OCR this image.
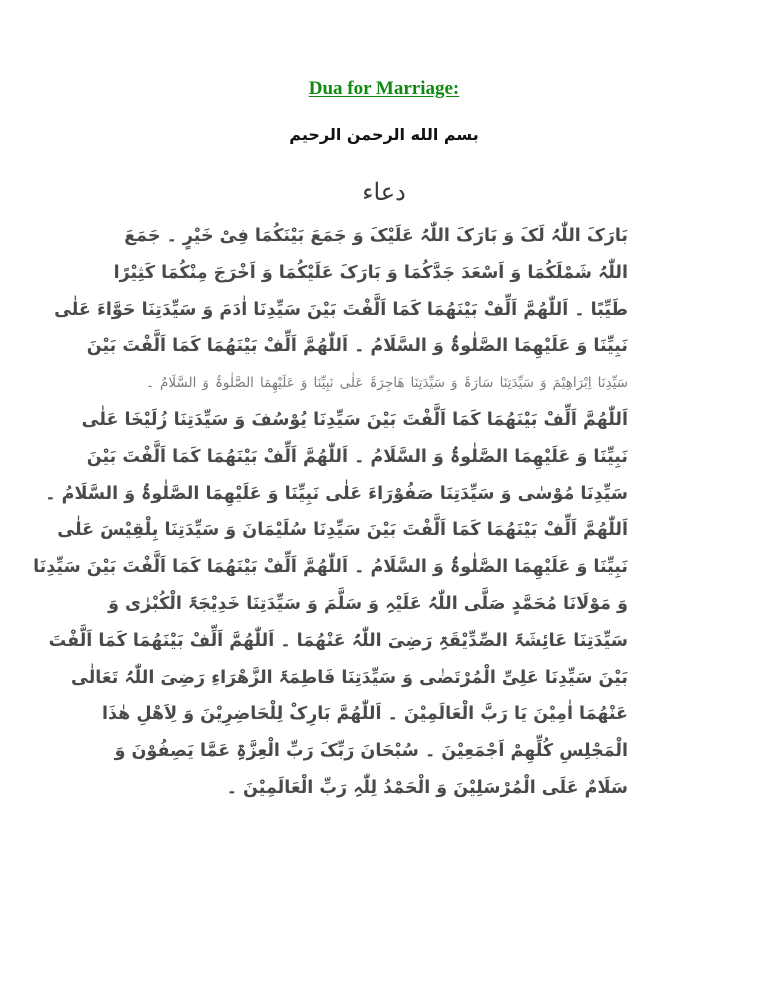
Dua for Marriage:
بسم الله الرحمن الرحيم
دعاء
بَارَکَ اللّٰہُ لَکَ وَ بَارَکَ اللّٰہُ عَلَیْکَ وَ جَمَعَ بَیْنَکُمَا فِیْ خَیْرٍ ۔ جَمَعَ
اللّٰہُ شَمْلَکُمَا وَ اَسْعَدَ جَدَّکُمَا وَ بَارَکَ عَلَیْکُمَا وَ اَخْرَجَ مِنْکُمَا کَثِیْرًا
طَیِّبًا ۔ اَللّٰھُمَّ اَلِّفْ بَیْنَھُمَا کَمَا اَلَّفْتَ بَیْنَ سَیِّدِنَا اٰدَمَ وَ سَیِّدَتِنَا حَوَّاءَ عَلٰی
نَبِیِّنَا وَ عَلَیْھِمَا الصَّلٰوۃُ وَ السَّلَامُ ۔ اَللّٰھُمَّ اَلِّفْ بَیْنَھُمَا کَمَا اَلَّفْتَ بَیْنَ
سَیِّدِنَا اِبْرَاھِیْمَ وَ سَیِّدَتِنَا سَارَۃَ وَ سَیِّدَتِنَا ھَاجِرَۃَ عَلٰی نَبِیِّنَا وَ عَلَیْھِمَا الصَّلٰوۃُ وَ السَّلَامُ ۔
اَللّٰھُمَّ اَلِّفْ بَیْنَھُمَا کَمَا اَلَّفْتَ بَیْنَ سَیِّدِنَا یُوْسُفَ وَ سَیِّدَتِنَا زُلَیْخَا عَلٰی
نَبِیِّنَا وَ عَلَیْھِمَا الصَّلٰوۃُ وَ السَّلَامُ ۔ اَللّٰھُمَّ اَلِّفْ بَیْنَھُمَا کَمَا اَلَّفْتَ بَیْنَ
سَیِّدِنَا مُوْسٰی وَ سَیِّدَتِنَا صَفُوْرَاءَ عَلٰی نَبِیِّنَا وَ عَلَیْھِمَا الصَّلٰوۃُ وَ السَّلَامُ ۔
اَللّٰھُمَّ اَلِّفْ بَیْنَھُمَا کَمَا اَلَّفْتَ بَیْنَ سَیِّدِنَا سُلَیْمَانَ وَ سَیِّدَتِنَا بِلْقِیْسَ عَلٰی
نَبِیِّنَا وَ عَلَیْھِمَا الصَّلٰوۃُ وَ السَّلَامُ ۔ اَللّٰھُمَّ اَلِّفْ بَیْنَھُمَا کَمَا اَلَّفْتَ بَیْنَ سَیِّدِنَا
وَ مَوْلَانَا مُحَمَّدٍ صَلَّی اللّٰہُ عَلَیْہِ وَ سَلَّمَ وَ سَیِّدَتِنَا خَدِیْجَۃَ الْکُبْرٰی وَ
سَیِّدَتِنَا عَائِشَۃَ الصِّدِّیْقَۃِ رَضِیَ اللّٰہُ عَنْھُمَا ۔ اَللّٰھُمَّ اَلِّفْ بَیْنَھُمَا کَمَا اَلَّفْتَ
بَیْنَ سَیِّدِنَا عَلِیِّ الْمُرْتَضٰی وَ سَیِّدَتِنَا فَاطِمَۃَ الزَّھْرَاءِ رَضِیَ اللّٰہُ تَعَالٰی
عَنْھُمَا اٰمِیْنَ یَا رَبَّ الْعَالَمِیْنَ ۔ اَللّٰھُمَّ بَارِکْ لِلْحَاضِرِیْنَ وَ لِاَھْلِ ھٰذَا
الْمَجْلِسِ کُلِّھِمْ اَجْمَعِیْنَ ۔ سُبْحَانَ رَبِّکَ رَبِّ الْعِزَّۃِ عَمَّا یَصِفُوْنَ وَ
سَلَامٌ عَلَی الْمُرْسَلِیْنَ وَ الْحَمْدُ لِلّٰہِ رَبِّ الْعَالَمِیْنَ ۔
